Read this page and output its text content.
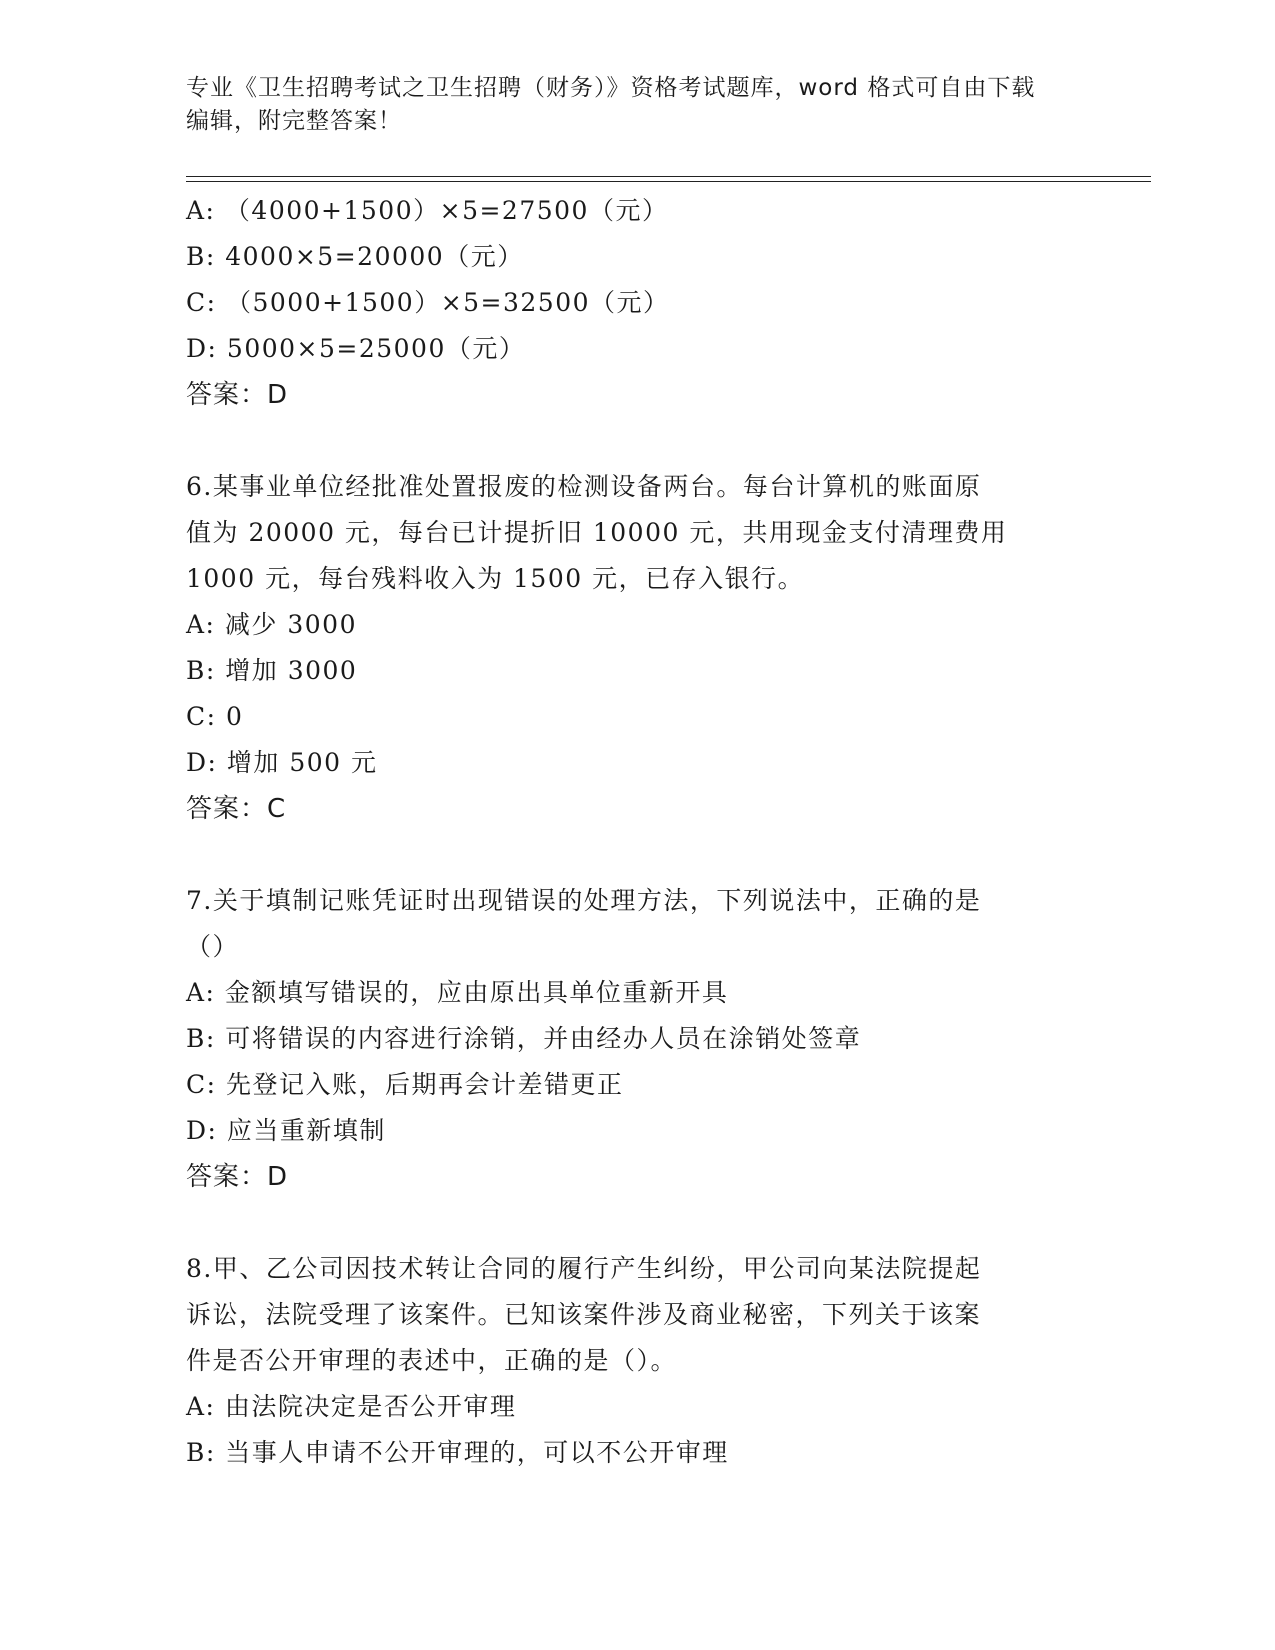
专业《卫生招聘考试之卫生招聘（财务）》资格考试题库，word 格式可自由下载
编辑，附完整答案！
A: （4000+1500）×5=27500（元）
B: 4000×5=20000（元）
C: （5000+1500）×5=32500（元）
D: 5000×5=25000（元）
答案：D
6.某事业单位经批准处置报废的检测设备两台。每台计算机的账面原
值为 20000 元，每台已计提折旧 10000 元，共用现金支付清理费用
1000 元，每台残料收入为 1500 元，已存入银行。
A: 减少 3000
B: 增加 3000
C: 0
D: 增加 500 元
答案：C
7.关于填制记账凭证时出现错误的处理方法，下列说法中，正确的是
（）
A: 金额填写错误的，应由原出具单位重新开具
B: 可将错误的内容进行涂销，并由经办人员在涂销处签章
C: 先登记入账，后期再会计差错更正
D: 应当重新填制
答案：D
8.甲、乙公司因技术转让合同的履行产生纠纷，甲公司向某法院提起
诉讼，法院受理了该案件。已知该案件涉及商业秘密，下列关于该案
件是否公开审理的表述中，正确的是（）。
A: 由法院决定是否公开审理
B: 当事人申请不公开审理的，可以不公开审理
